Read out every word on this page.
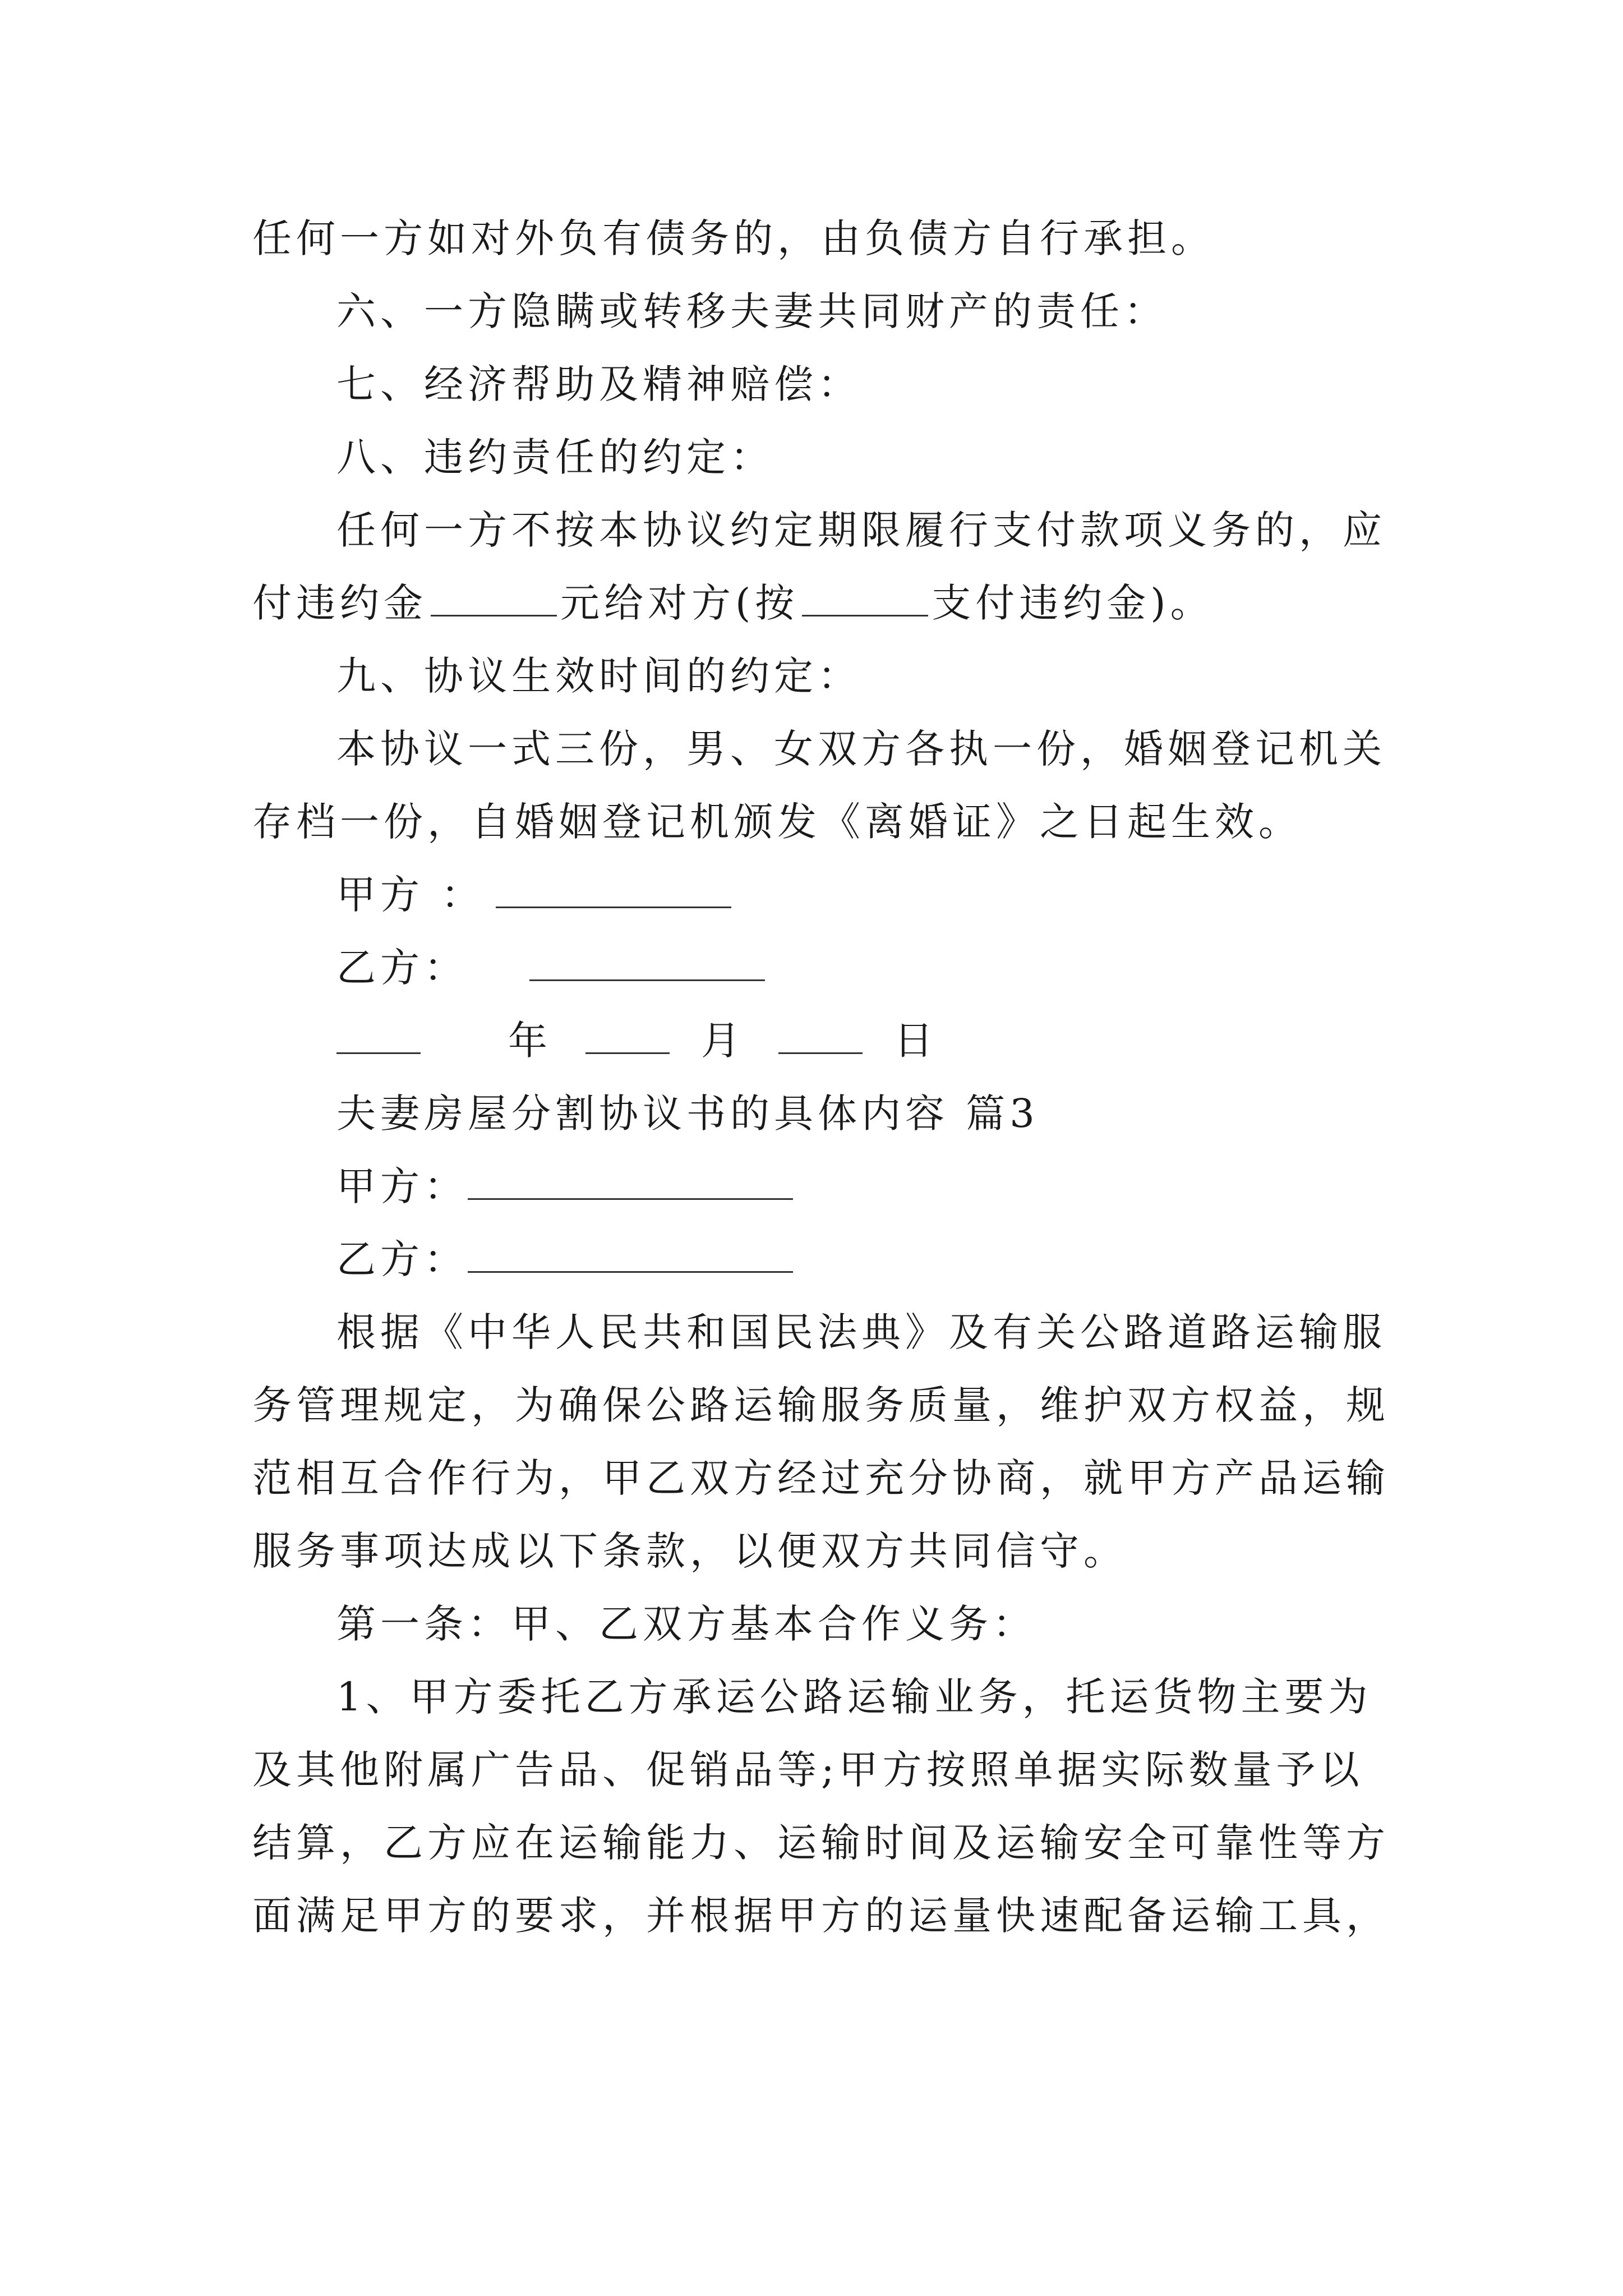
任何一方如对外负有债务的，由负债方自行承担。
六、一方隐瞒或转移夫妻共同财产的责任：
七、经济帮助及精神赔偿：
八、违约责任的约定：
任何一方不按本协议约定期限履行支付款项义务的，应
付违约金	元给对方(按	支付违约金)。
九、协议生效时间的约定：
本协议一式三份，男、女双方各执一份，婚姻登记机关
存档一份，自婚姻登记机颁发《离婚证》之日起生效。
甲方 ：
乙方：
年	月	日
夫妻房屋分割协议书的具体内容 篇3
甲方：
乙方：
根据《中华人民共和国民法典》及有关公路道路运输服
务管理规定，为确保公路运输服务质量，维护双方权益，规
范相互合作行为，甲乙双方经过充分协商，就甲方产品运输
服务事项达成以下条款，以便双方共同信守。
第一条：甲、乙双方基本合作义务：
1、甲方委托乙方承运公路运输业务，托运货物主要为
及其他附属广告品、促销品等;甲方按照单据实际数量予以
结算，乙方应在运输能力、运输时间及运输安全可靠性等方
面满足甲方的要求，并根据甲方的运量快速配备运输工具，
